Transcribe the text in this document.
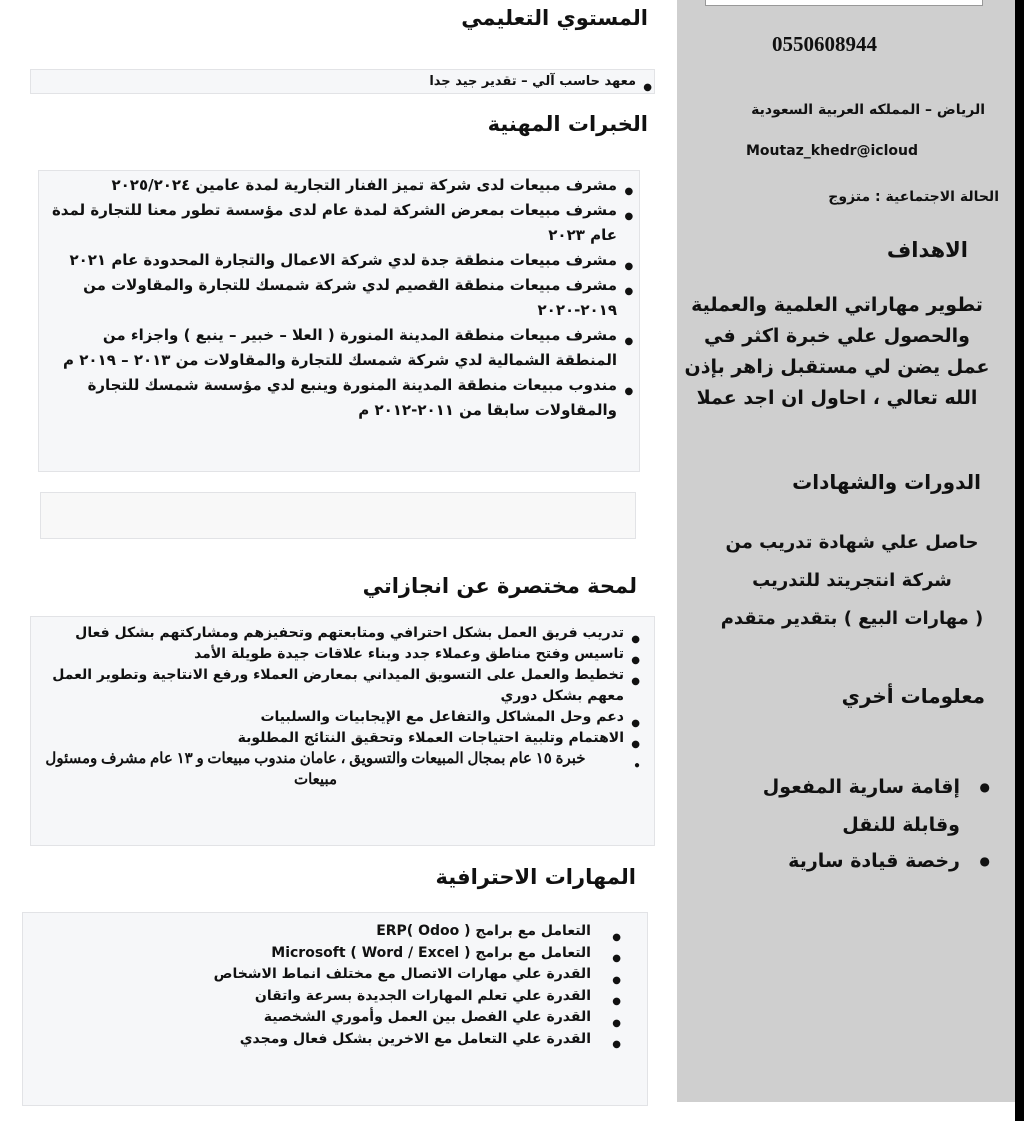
المستوي التعليمي
● معهد حاسب آلي – تقدير جيد جدا
الخبرات المهنية
● مشرف مبيعات لدى شركة تميز الفنار التجارية لمدة عامين ٢٠٢٥/٢٠٢٤
● مشرف مبيعات بمعرض الشركة لمدة عام لدى مؤسسة تطور معنا للتجارة لمدة عام ٢٠٢٣
● مشرف مبيعات منطقة جدة لدي شركة الاعمال والتجارة المحدودة عام ٢٠٢١
● مشرف مبيعات منطقة القصيم لدي شركة شمسك للتجارة والمقاولات من ٢٠١٩-٢٠٢٠
● مشرف مبيعات منطقة المدينة المنورة ( العلا – خبير – ينبع ) واجزاء من المنطقة الشمالية لدي شركة شمسك للتجارة والمقاولات من ٢٠١٣ – ٢٠١٩ م
● مندوب مبيعات منطقة المدينة المنورة وينبع لدي مؤسسة شمسك للتجارة والمقاولات سابقا من ٢٠١١-٢٠١٢ م
لمحة مختصرة عن انجازاتي
● تدريب فريق العمل بشكل احترافي ومتابعتهم وتحفيزهم ومشاركتهم بشكل فعال
● تاسيس وفتح مناطق وعملاء جدد وبناء علاقات جيدة طويلة الأمد
● تخطيط والعمل على التسويق الميداني بمعارض العملاء ورفع الانتاجية وتطوير العمل معهم بشكل دوري
● دعم وحل المشاكل والتفاعل مع الإيجابيات والسلبيات
● الاهتمام وتلبية احتياجات العملاء وتحقيق النتائج المطلوبة
● خبرة ١٥ عام بمجال المبيعات والتسويق ، عامان مندوب مبيعات و ١٣ عام مشرف ومسئول مبيعات
المهارات الاحترافية
● التعامل مع برامج ERP( Odoo )
● التعامل مع برامج Microsoft ( Word / Excel )
● القدرة علي مهارات الاتصال مع مختلف انماط الاشخاص
● القدرة علي تعلم المهارات الجديدة بسرعة واتقان
● القدرة علي الفصل بين العمل وأموري الشخصية
● القدرة علي التعامل مع الاخرين بشكل فعال ومجدي
0550608944
الرياض – المملكه العربية السعودية
Moutaz_khedr@icloud
الحالة الاجتماعية : متزوج
الاهداف

تطوير مهاراتي العلمية والعملية

والحصول علي خبرة اكثر في

عمل يضن لي مستقبل زاهر بإذن

الله تعالي ، احاول ان اجد عملا

الدورات والشهادات

حاصل علي شهادة تدريب من

شركة انتجريتد للتدريب

( مهارات البيع ) بتقدير متقدم

معلومات أخري
●
إقامة سارية المفعول وقابلة للنقل
●
رخصة قيادة سارية
